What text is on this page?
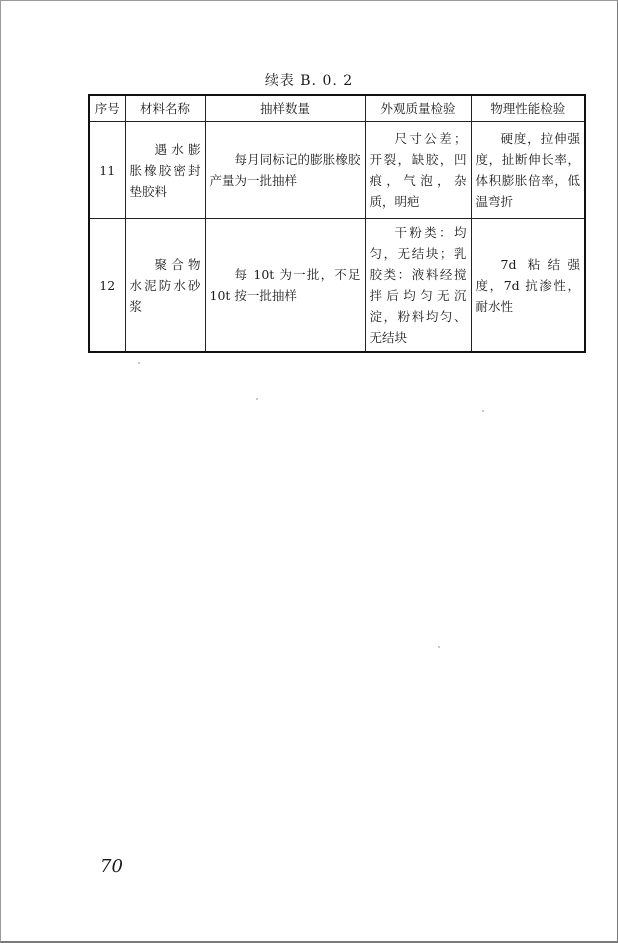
续表 B. 0. 2
序号	材料名称	抽样数量	外观质量检验	物理性能检验
11	遇水膨胀橡胶密封垫胶料	每月同标记的膨胀橡胶产量为一批抽样	尺寸公差；开裂，缺胶，凹痕，气泡，杂质，明疤	硬度，拉伸强度，扯断伸长率，体积膨胀倍率，低温弯折
12	聚合物水泥防水砂浆	每 10t 为一批，不足 10t 按一批抽样	干粉类：均匀，无结块；乳胶类：液料经搅拌后均匀无沉淀，粉料均匀、无结块	7d 粘结强度，7d 抗渗性，耐水性
70
